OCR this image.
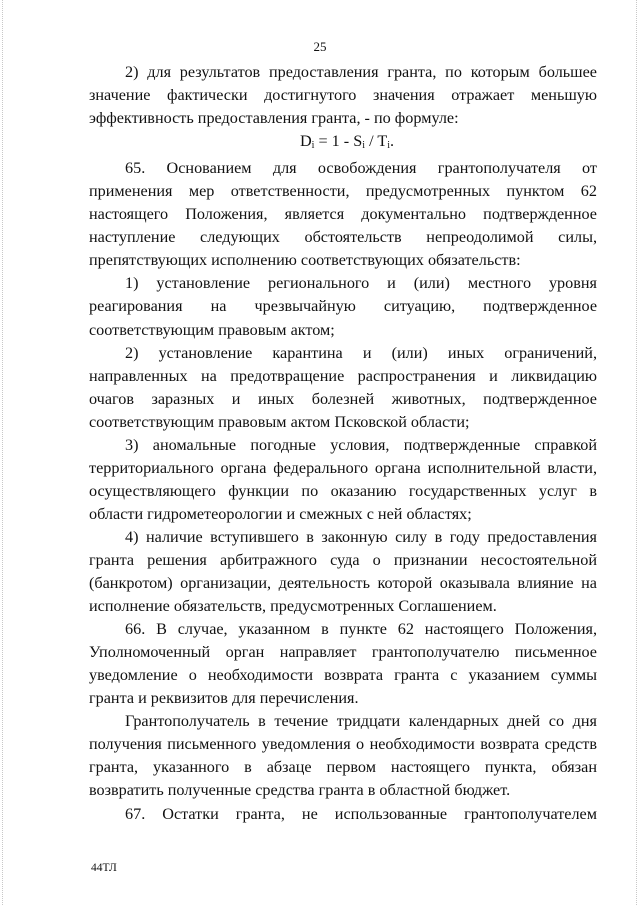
25

2) для результатов предоставления гранта, по которым большее значение фактически достигнутого значения отражает меньшую эффективность предоставления гранта, - по формуле:

$D_i = 1 - S_i / T_i$.

65. Основанием для освобождения грантополучателя от применения мер ответственности, предусмотренных пунктом 62 настоящего Положения, является документально подтвержденное наступление следующих обстоятельств непреодолимой силы, препятствующих исполнению соответствующих обязательств:

1) установление регионального и (или) местного уровня реагирования на чрезвычайную ситуацию, подтвержденное соответствующим правовым актом;

2) установление карантина и (или) иных ограничений, направленных на предотвращение распространения и ликвидацию очагов заразных и иных болезней животных, подтвержденное соответствующим правовым актом Псковской области;

3) аномальные погодные условия, подтвержденные справкой территориального органа федерального органа исполнительной власти, осуществляющего функции по оказанию государственных услуг в области гидрометеорологии и смежных с ней областях;

4) наличие вступившего в законную силу в году предоставления гранта решения арбитражного суда о признании несостоятельной (банкротом) организации, деятельность которой оказывала влияние на исполнение обязательств, предусмотренных Соглашением.

66. В случае, указанном в пункте 62 настоящего Положения, Уполномоченный орган направляет грантополучателю письменное уведомление о необходимости возврата гранта с указанием суммы гранта и реквизитов для перечисления.

Грантополучатель в течение тридцати календарных дней со дня получения письменного уведомления о необходимости возврата средств гранта, указанного в абзаце первом настоящего пункта, обязан возвратить полученные средства гранта в областной бюджет.

67. Остатки гранта, не использованные грантополучателем

44ТЛ
